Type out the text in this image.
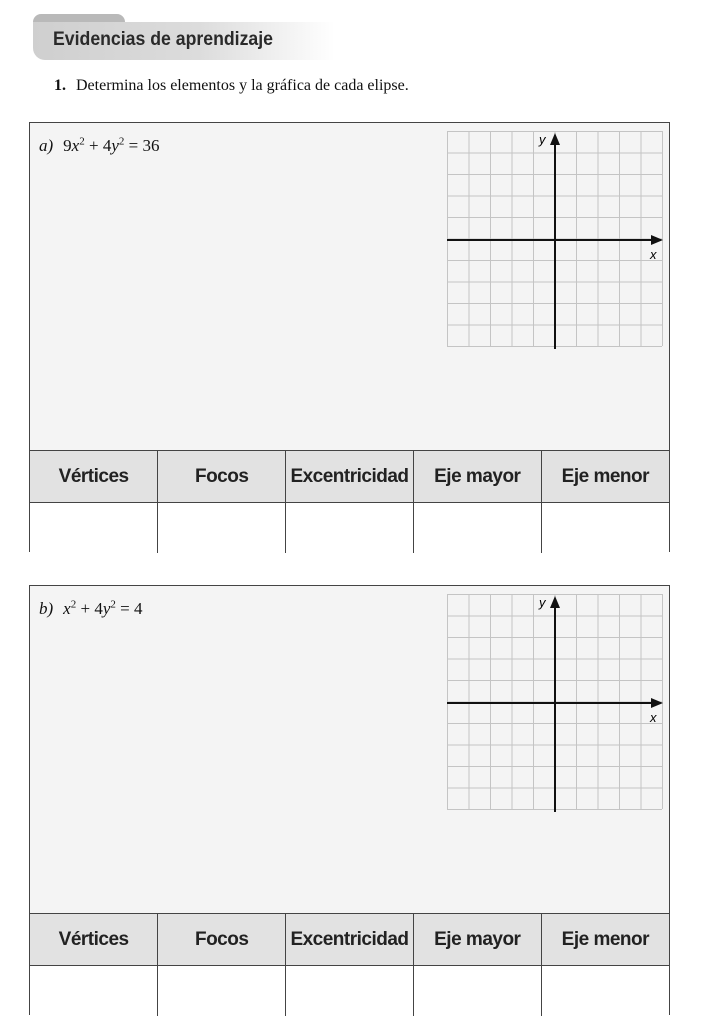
Evidencias de aprendizaje
1. Determina los elementos y la gráfica de cada elipse.
a) $9x^2 + 4y^2 = 36$	y
x
Vértices	Focos	Excentricidad	Eje mayor	Eje menor

b) $x^2 + 4y^2 = 4$	y
x
Vértices	Focos	Excentricidad	Eje mayor	Eje menor
